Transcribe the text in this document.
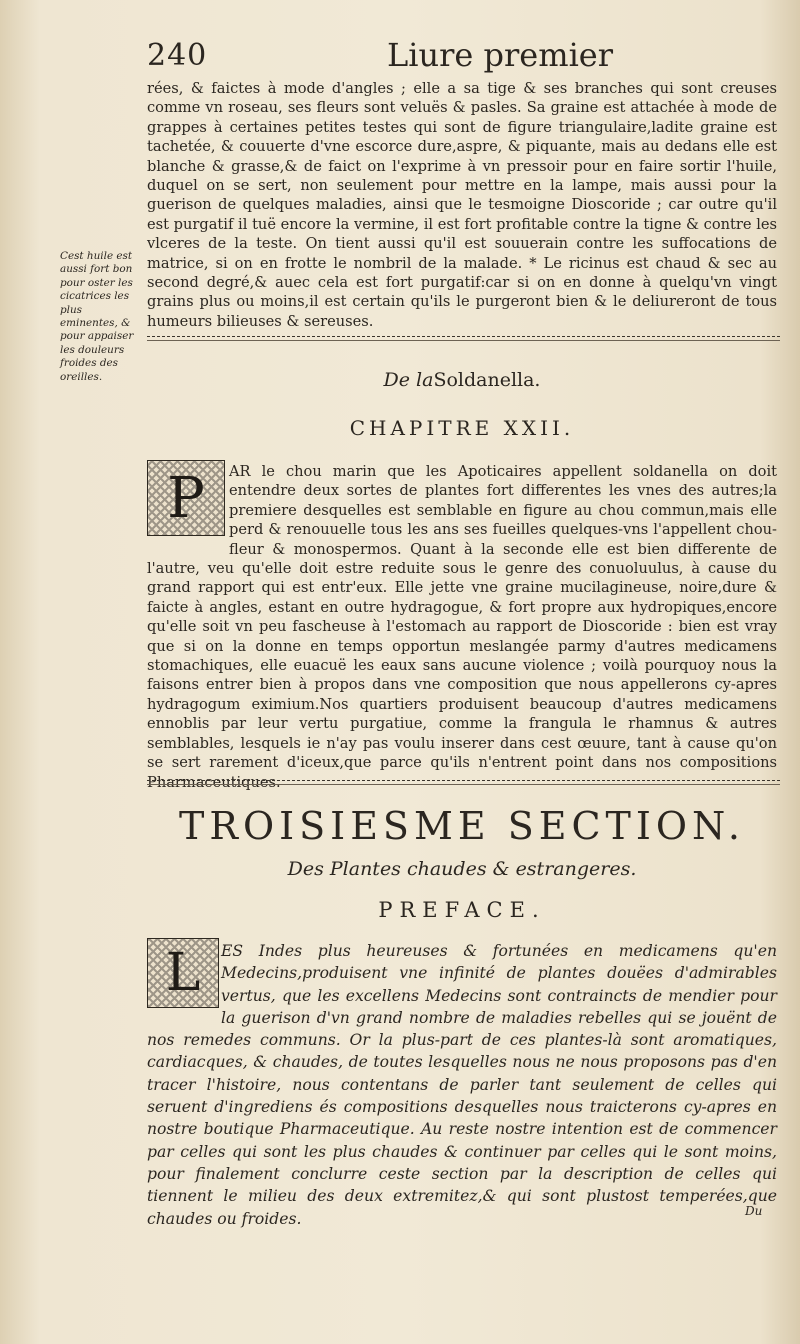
240	Liure premier

rées, & faictes à mode d'angles ; elle a sa tige & ses branches qui sont creuses comme vn roseau, ses fleurs sont veluës & pasles. Sa graine est attachée à mode de grappes à certaines petites testes qui sont de figure triangulaire,ladite graine est tachetée, & couuerte d'vne escorce dure,aspre, & piquante, mais au dedans elle est blanche & grasse,& de faict on l'exprime à vn pressoir pour en faire sortir l'huile, duquel on se sert, non seulement pour mettre en la lampe, mais aussi pour la guerison de quelques maladies, ainsi que le tesmoigne Dioscoride ; car outre qu'il est purgatif il tuë encore la vermine, il est fort profitable contre la tigne & contre les vlceres de la teste. On tient aussi qu'il est souuerain contre les suffocations de matrice, si on en frotte le nombril de la malade. * Le ricinus est chaud & sec au second degré,& auec cela est fort purgatif:car si on en donne à quelqu'vn vingt grains plus ou moins,il est certain qu'ils le purgeront bien & le deliureront de tous humeurs bilieuses & sereuses.

Cest huile est aussi fort bon pour oster les cicatrices les plus eminentes, & pour appaiser les douleurs froides des oreilles.	De laSoldanella.
CHAPITRE XXII.
P	AR le chou marin que les Apoticaires appellent soldanella on doit entendre deux sortes de plantes fort differentes les vnes des autres;la premiere desquelles est semblable en figure au chou commun,mais elle perd & renouuelle tous les ans ses fueilles quelques-vns l'appellent chou-fleur & monospermos. Quant à la seconde elle est bien differente de l'autre, veu qu'elle doit estre reduite sous le genre des conuoluulus, à cause du grand rapport qui est entr'eux. Elle jette vne graine mucilagineuse, noire,dure & faicte à angles, estant en outre hydragogue, & fort propre aux hydropiques,encore qu'elle soit vn peu fascheuse à l'estomach au rapport de Dioscoride : bien est vray que si on la donne en temps opportun meslangée parmy d'autres medicamens stomachiques, elle euacuë les eaux sans aucune violence ; voilà pourquoy nous la faisons entrer bien à propos dans vne composition que nous appellerons cy-apres hydragogum eximium.Nos quartiers produisent beaucoup d'autres medicamens ennoblis par leur vertu purgatiue, comme la frangula le rhamnus & autres semblables, lesquels ie n'ay pas voulu inserer dans cest œuure, tant à cause qu'on se sert rarement d'iceux,que parce qu'ils n'entrent point dans nos compositions Pharmaceutiques.

TROISIESME SECTION.
Des Plantes chaudes & estrangeres.
PREFACE.
L	ES Indes plus heureuses & fortunées en medicamens qu'en Medecins,produisent vne infinité de plantes douëes d'admirables vertus, que les excellens Medecins sont contraincts de mendier pour la guerison d'vn grand nombre de maladies rebelles qui se jouënt de nos remedes communs. Or la plus-part de ces plantes-là sont aromatiques, cardiacques, & chaudes, de toutes lesquelles nous ne nous proposons pas d'en tracer l'histoire, nous contentans de parler tant seulement de celles qui seruent d'ingrediens és compositions desquelles nous traicterons cy-apres en nostre boutique Pharmaceutique. Au reste nostre intention est de commencer par celles qui sont les plus chaudes & continuer par celles qui le sont moins, pour finalement conclurre ceste section par la description de celles qui tiennent le milieu des deux extremitez,& qui sont plustost temperées,que chaudes ou froides.	Du
